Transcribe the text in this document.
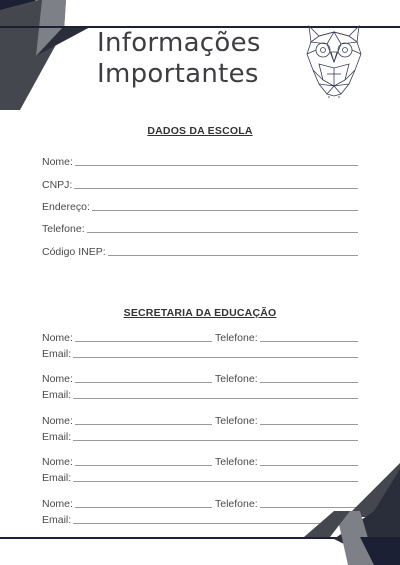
Informações
Importantes
DADOS DA ESCOLA
Nome:
CNPJ:
Endereço:
Telefone:
Código INEP:
SECRETARIA DA EDUCAÇÃO
Nome:	Telefone:
Email:
Nome:	Telefone:
Email:
Nome:	Telefone:
Email:
Nome:	Telefone:
Email:
Nome:	Telefone:
Email:
